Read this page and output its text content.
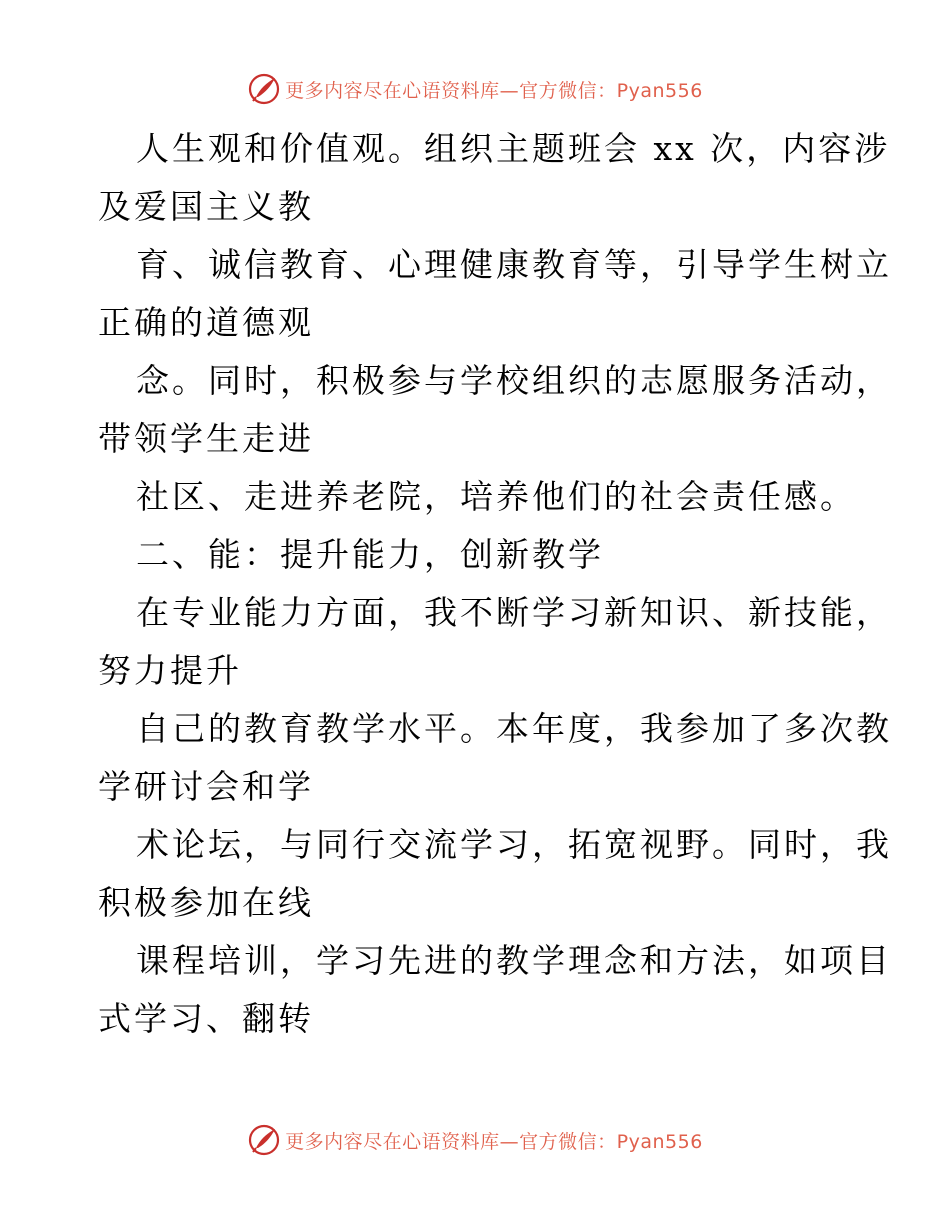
更多内容尽在心语资料库—官方微信：Pyan556
人生观和价值观。组织主题班会 xx 次，内容涉
及爱国主义教
育、诚信教育、心理健康教育等，引导学生树立
正确的道德观
念。同时，积极参与学校组织的志愿服务活动，
带领学生走进
社区、走进养老院，培养他们的社会责任感。
二、能：提升能力，创新教学
在专业能力方面，我不断学习新知识、新技能，
努力提升
自己的教育教学水平。本年度，我参加了多次教
学研讨会和学
术论坛，与同行交流学习，拓宽视野。同时，我
积极参加在线
课程培训，学习先进的教学理念和方法，如项目
式学习、翻转
更多内容尽在心语资料库—官方微信：Pyan556
